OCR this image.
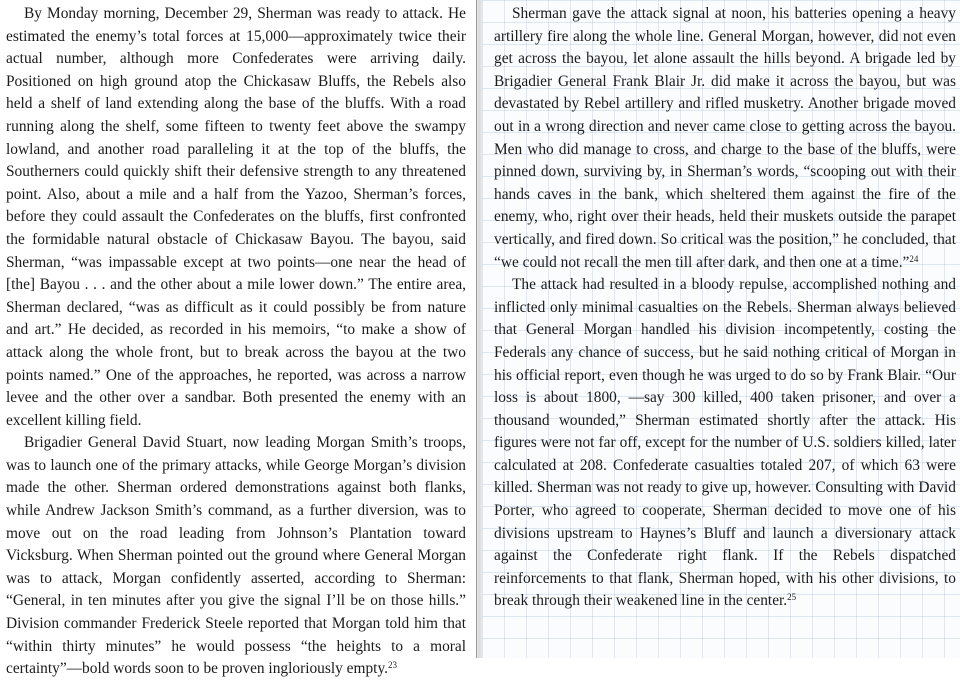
By Monday morning, December 29, Sherman was ready to attack. He estimated the enemy’s total forces at 15,000—approximately twice their actual number, although more Confederates were arriving daily. Positioned on high ground atop the Chickasaw Bluffs, the Rebels also held a shelf of land extending along the base of the bluffs. With a road running along the shelf, some fifteen to twenty feet above the swampy lowland, and another road paralleling it at the top of the bluffs, the Southerners could quickly shift their defensive strength to any threatened point. Also, about a mile and a half from the Yazoo, Sherman’s forces, before they could assault the Confederates on the bluffs, first confronted the formidable natural obstacle of Chickasaw Bayou. The bayou, said Sherman, “was impassable except at two points—one near the head of [the] Bayou . . . and the other about a mile lower down.” The entire area, Sherman declared, “was as difficult as it could possibly be from nature and art.” He decided, as recorded in his memoirs, “to make a show of attack along the whole front, but to break across the bayou at the two points named.” One of the approaches, he reported, was across a narrow levee and the other over a sandbar. Both presented the enemy with an excellent killing field.

Brigadier General David Stuart, now leading Morgan Smith’s troops, was to launch one of the primary attacks, while George Morgan’s division made the other. Sherman ordered demonstrations against both flanks, while Andrew Jackson Smith’s command, as a further diversion, was to move out on the road leading from Johnson’s Plantation toward Vicksburg. When Sherman pointed out the ground where General Morgan was to attack, Morgan confidently asserted, according to Sherman: “General, in ten minutes after you give the signal I’ll be on those hills.” Division commander Frederick Steele reported that Morgan told him that “within thirty minutes” he would possess “the heights to a moral certainty”—bold words soon to be proven ingloriously empty.$^{23}$

Sherman gave the attack signal at noon, his batteries opening a heavy artillery fire along the whole line. General Morgan, however, did not even get across the bayou, let alone assault the hills beyond. A brigade led by Brigadier General Frank Blair Jr. did make it across the bayou, but was devastated by Rebel artillery and rifled musketry. Another brigade moved out in a wrong direction and never came close to getting across the bayou. Men who did manage to cross, and charge to the base of the bluffs, were pinned down, surviving by, in Sherman’s words, “scooping out with their hands caves in the bank, which sheltered them against the fire of the enemy, who, right over their heads, held their muskets outside the parapet vertically, and fired down. So critical was the position,” he concluded, that “we could not recall the men till after dark, and then one at a time.”$^{24}$

The attack had resulted in a bloody repulse, accomplished nothing and inflicted only minimal casualties on the Rebels. Sherman always believed that General Morgan handled his division incompetently, costing the Federals any chance of success, but he said nothing critical of Morgan in his official report, even though he was urged to do so by Frank Blair. “Our loss is about 1800, —say 300 killed, 400 taken prisoner, and over a thousand wounded,” Sherman estimated shortly after the attack. His figures were not far off, except for the number of U.S. soldiers killed, later calculated at 208. Confederate casualties totaled 207, of which 63 were killed. Sherman was not ready to give up, however. Consulting with David Porter, who agreed to cooperate, Sherman decided to move one of his divisions upstream to Haynes’s Bluff and launch a diversionary attack against the Confederate right flank. If the Rebels dispatched reinforcements to that flank, Sherman hoped, with his other divisions, to break through their weakened line in the center.$^{25}$
